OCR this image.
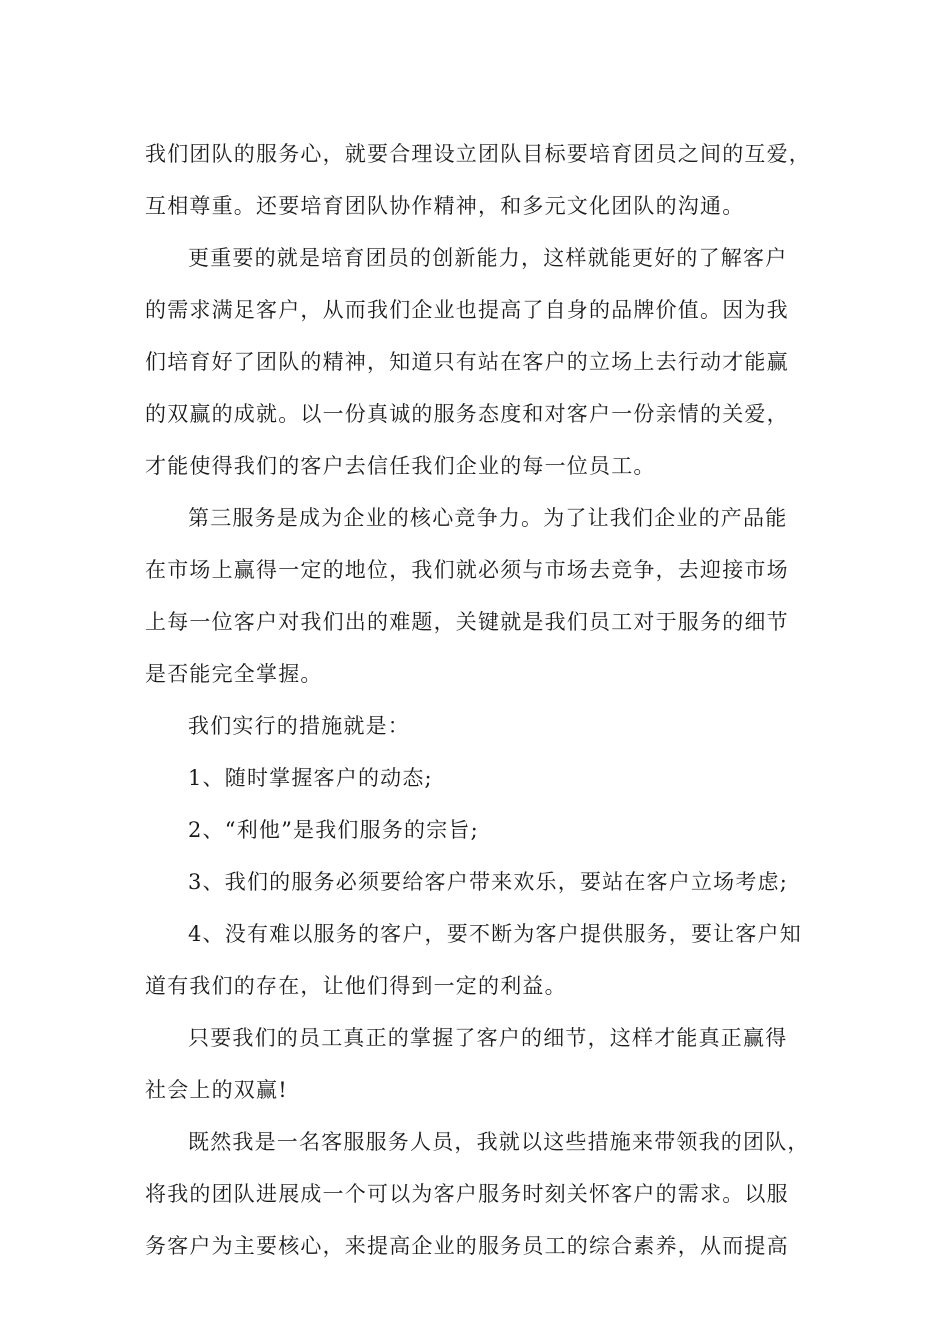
我们团队的服务心，就要合理设立团队目标要培育团员之间的互爱，
互相尊重。还要培育团队协作精神，和多元文化团队的沟通。
更重要的就是培育团员的创新能力，这样就能更好的了解客户
的需求满足客户，从而我们企业也提高了自身的品牌价值。因为我
们培育好了团队的精神，知道只有站在客户的立场上去行动才能赢
的双赢的成就。以一份真诚的服务态度和对客户一份亲情的关爱，
才能使得我们的客户去信任我们企业的每一位员工。
第三服务是成为企业的核心竞争力。为了让我们企业的产品能
在市场上赢得一定的地位，我们就必须与市场去竞争，去迎接市场
上每一位客户对我们出的难题，关键就是我们员工对于服务的细节
是否能完全掌握。
我们实行的措施就是：
1、随时掌握客户的动态;
2、“利他”是我们服务的宗旨;
3、我们的服务必须要给客户带来欢乐，要站在客户立场考虑;
4、没有难以服务的客户，要不断为客户提供服务，要让客户知
道有我们的存在，让他们得到一定的利益。
只要我们的员工真正的掌握了客户的细节，这样才能真正赢得
社会上的双赢!
既然我是一名客服服务人员，我就以这些措施来带领我的团队，
将我的团队进展成一个可以为客户服务时刻关怀客户的需求。以服
务客户为主要核心，来提高企业的服务员工的综合素养，从而提高
